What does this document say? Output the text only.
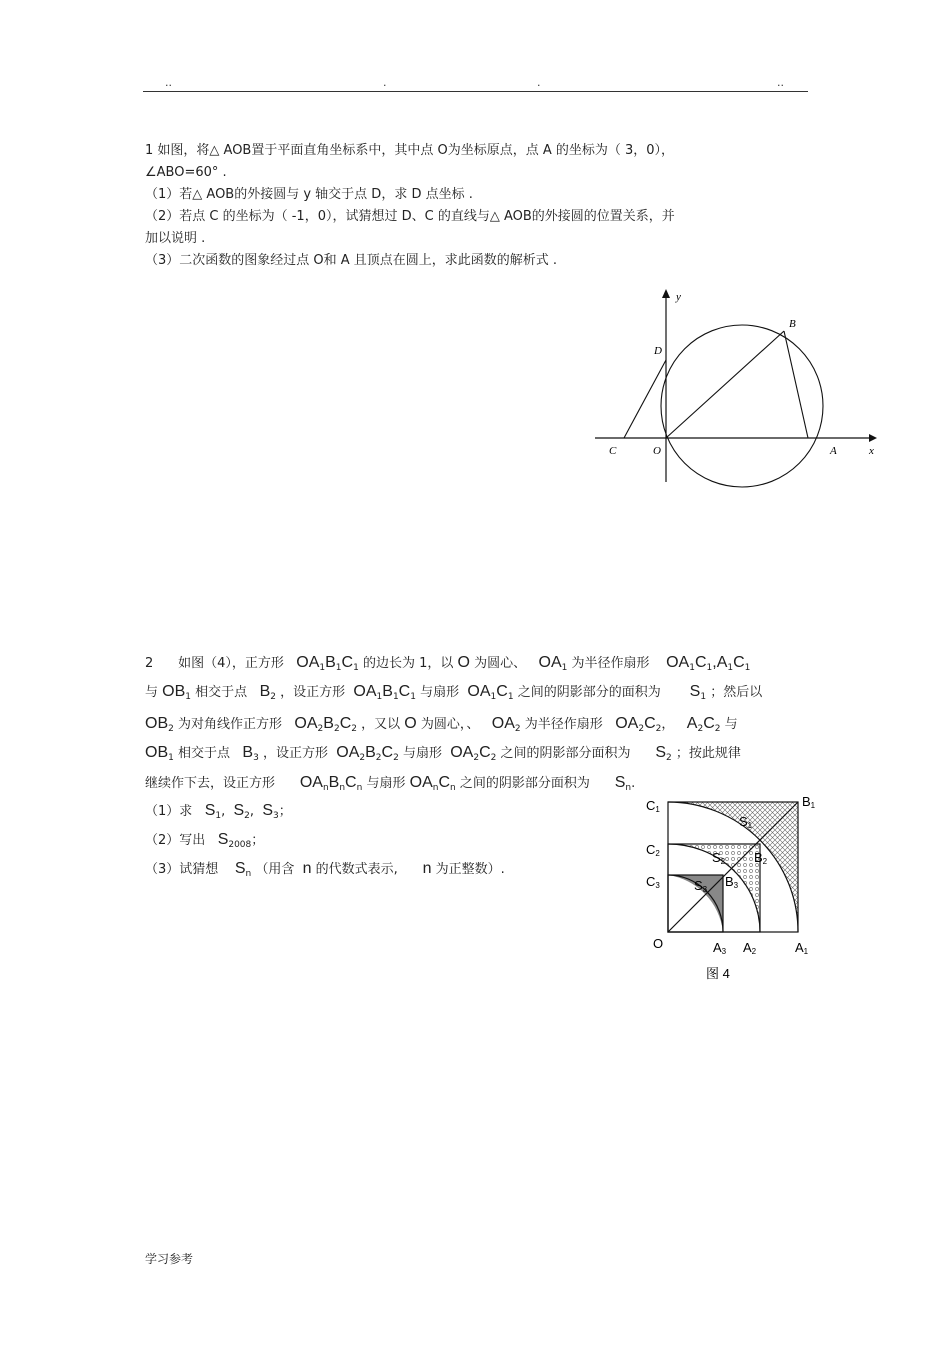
..	.	.	..
1 如图，将△ AOB置于平面直角坐标系中，其中点 O为坐标原点，点 A 的坐标为（ 3，0），
∠ABO=60° .
（1）若△ AOB的外接圆与 y 轴交于点 D，求 D 点坐标 .
（2）若点 C 的坐标为（ -1，0），试猜想过 D、C 的直线与△ AOB的外接圆的位置关系，并
加以说明 .
（3）二次函数的图象经过点 O和 A 且顶点在圆上，求此函数的解析式 .
y
x
B
D
C	O	A
2 如图（4），正方形 $OA_1B_1C_1$ 的边长为 1，以 O 为圆心、 $OA_1$ 为半径作扇形 $OA_1C_1,A_1C_1$
与 $OB_1$ 相交于点 $B_2$ ，设正方形 $OA_1B_1C_1$ 与扇形 $OA_1C_1$ 之间的阴影部分的面积为 $S_1$ ；然后以
$OB_2$ 为对角线作正方形 $OA_2B_2C_2$ ，又以 O 为圆心，、 $OA_2$ 为半径作扇形 $OA_2C_2$， $A_2C_2$ 与
$OB_1$ 相交于点 $B_3$ ，设正方形 $OA_2B_2C_2$ 与扇形 $OA_2C_2$ 之间的阴影部分面积为 $S_2$ ；按此规律
继续作下去，设正方形 $OA_nB_nC_n$ 与扇形 $OA_nC_n$ 之间的阴影部分面积为 $S_n$.
（1）求 $S_1$, $S_2$, $S_3$；
（2）写出 $S_{2008}$；
（3）试猜想 $S_n$ （用含 n 的代数式表示, n 为正整数）.
C1
B1
S1
C2	S2 B2
C3	S3
B3
O	A3 A2	A1
图 4
学习参考
